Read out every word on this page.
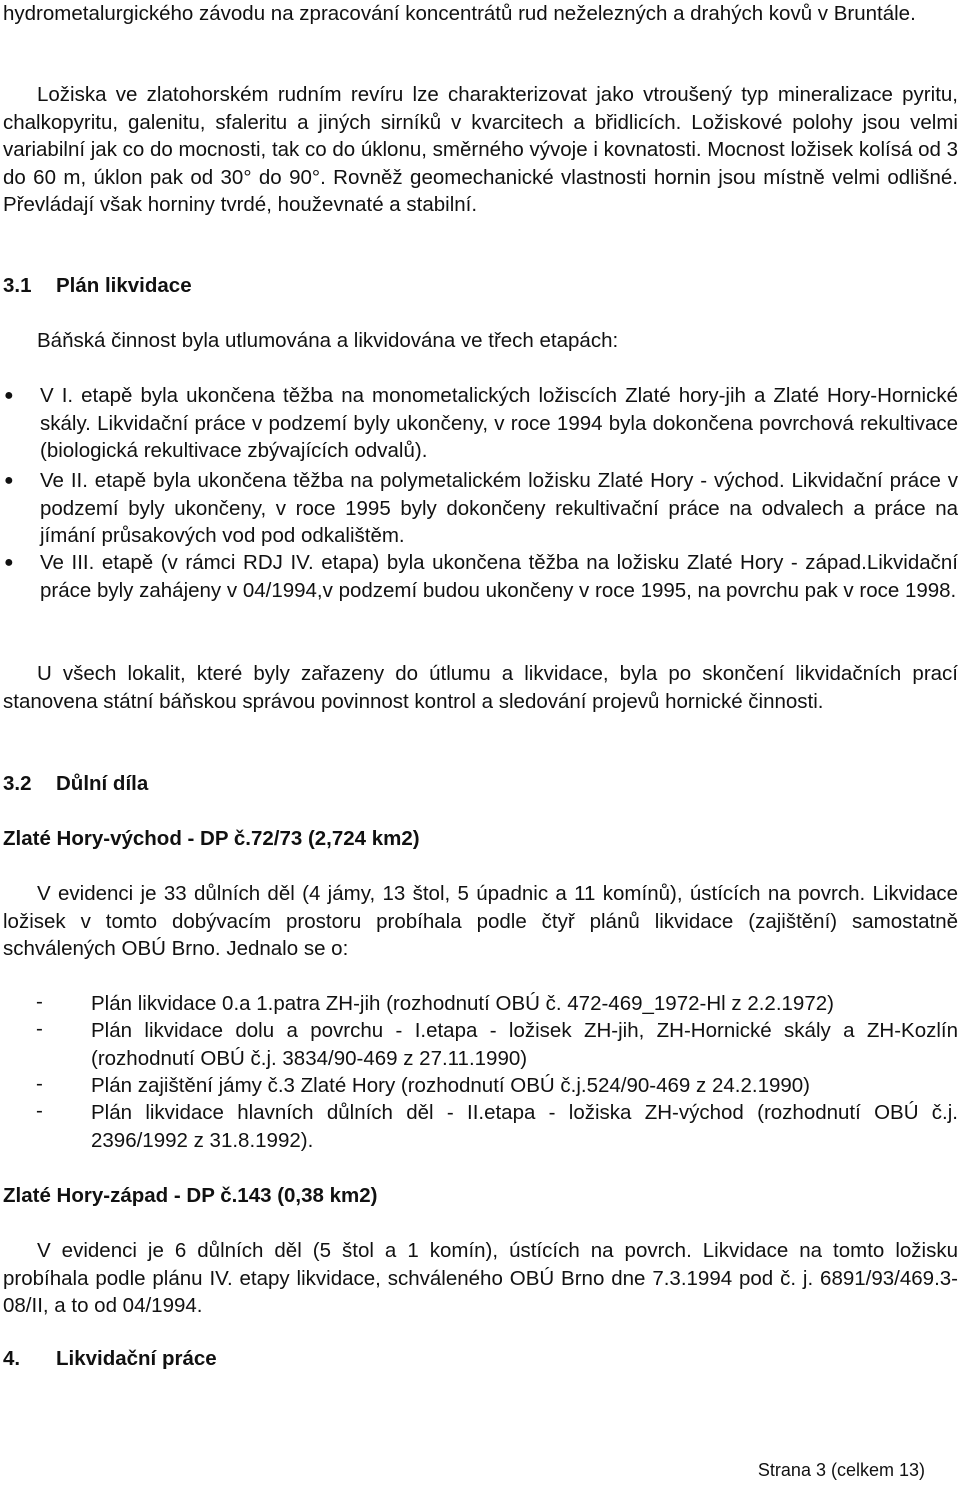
hydrometalurgického závodu na zpracování koncentrátů rud neželezných a drahých kovů v Bruntále.

Ložiska ve zlatohorském rudním revíru lze charakterizovat jako vtroušený typ mineralizace pyritu, chalkopyritu, galenitu, sfaleritu a jiných sirníků v kvarcitech a břidlicích. Ložiskové polohy jsou velmi variabilní jak co do mocnosti, tak co do úklonu, směrného vývoje i kovnatosti. Mocnost ložisek kolísá od 3 do 60 m, úklon pak od 30° do 90°. Rovněž geomechanické vlastnosti hornin jsou místně velmi odlišné. Převládají však horniny tvrdé, houževnaté a stabilní.

3.1 Plán likvidace

Báňská činnost byla utlumována a likvidována ve třech etapách:

● V I. etapě byla ukončena těžba na monometalických ložiscích Zlaté hory-jih a Zlaté Hory-Hornické skály. Likvidační práce v podzemí byly ukončeny, v roce 1994 byla dokončena povrchová rekultivace (biologická rekultivace zbývajících odvalů).

● Ve II. etapě byla ukončena těžba na polymetalickém ložisku Zlaté Hory - východ. Likvidační práce v podzemí byly ukončeny, v roce 1995 byly dokončeny rekultivační práce na odvalech a práce na jímání průsakových vod pod odkalištěm.

● Ve III. etapě (v rámci RDJ IV. etapa) byla ukončena těžba na ložisku Zlaté Hory - západ.Likvidační práce byly zahájeny v 04/1994,v podzemí budou ukončeny v roce 1995, na povrchu pak v roce 1998.

U všech lokalit, které byly zařazeny do útlumu a likvidace, byla po skončení likvidačních prací stanovena státní báňskou správou povinnost kontrol a sledování projevů hornické činnosti.

3.2 Důlní díla
Zlaté Hory-východ - DP č.72/73 (2,724 km2)

V evidenci je 33 důlních děl (4 jámy, 13 štol, 5 úpadnic a 11 komínů), ústících na povrch. Likvidace ložisek v tomto dobývacím prostoru probíhala podle čtyř plánů likvidace (zajištění) samostatně schválených OBÚ Brno. Jednalo se o:

- Plán likvidace 0.a 1.patra ZH-jih (rozhodnutí OBÚ č. 472-469_1972-Hl z 2.2.1972)
- Plán likvidace dolu a povrchu - I.etapa - ložisek ZH-jih, ZH-Hornické skály a ZH-Kozlín (rozhodnutí OBÚ č.j. 3834/90-469 z 27.11.1990)
- Plán zajištění jámy č.3 Zlaté Hory (rozhodnutí OBÚ č.j.524/90-469 z 24.2.1990)
- Plán likvidace hlavních důlních děl - II.etapa - ložiska ZH-východ (rozhodnutí OBÚ č.j. 2396/1992 z 31.8.1992).
Zlaté Hory-západ - DP č.143 (0,38 km2)

V evidenci je 6 důlních děl (5 štol a 1 komín), ústících na povrch. Likvidace na tomto ložisku probíhala podle plánu IV. etapy likvidace, schváleného OBÚ Brno dne 7.3.1994 pod č. j. 6891/93/469.3-08/II, a to od 04/1994.

4. Likvidační práce
Strana 3 (celkem 13)
